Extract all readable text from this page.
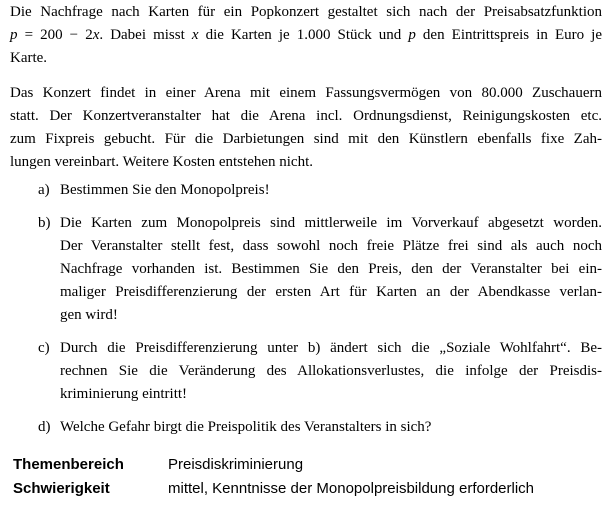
Die Nachfrage nach Karten für ein Popkonzert gestaltet sich nach der Preisabsatzfunktion
p = 200 − 2x. Dabei misst x die Karten je 1.000 Stück und p den Eintrittspreis in Euro je
Karte.
Das Konzert findet in einer Arena mit einem Fassungsvermögen von 80.000 Zuschauern
statt. Der Konzertveranstalter hat die Arena incl. Ordnungsdienst, Reinigungskosten etc.
zum Fixpreis gebucht. Für die Darbietungen sind mit den Künstlern ebenfalls fixe Zah-
lungen vereinbart. Weitere Kosten entstehen nicht.
a) Bestimmen Sie den Monopolpreis!
b) Die Karten zum Monopolpreis sind mittlerweile im Vorverkauf abgesetzt worden.
Der Veranstalter stellt fest, dass sowohl noch freie Plätze frei sind als auch noch
Nachfrage vorhanden ist. Bestimmen Sie den Preis, den der Veranstalter bei ein-
maliger Preisdifferenzierung der ersten Art für Karten an der Abendkasse verlan-
gen wird!
c) Durch die Preisdifferenzierung unter b) ändert sich die „Soziale Wohlfahrt“. Be-
rechnen Sie die Veränderung des Allokationsverlustes, die infolge der Preisdis-
kriminierung eintritt!
d) Welche Gefahr birgt die Preispolitik des Veranstalters in sich?
Themenbereich	Preisdiskriminierung
Schwierigkeit	mittel, Kenntnisse der Monopolpreisbildung erforderlich
